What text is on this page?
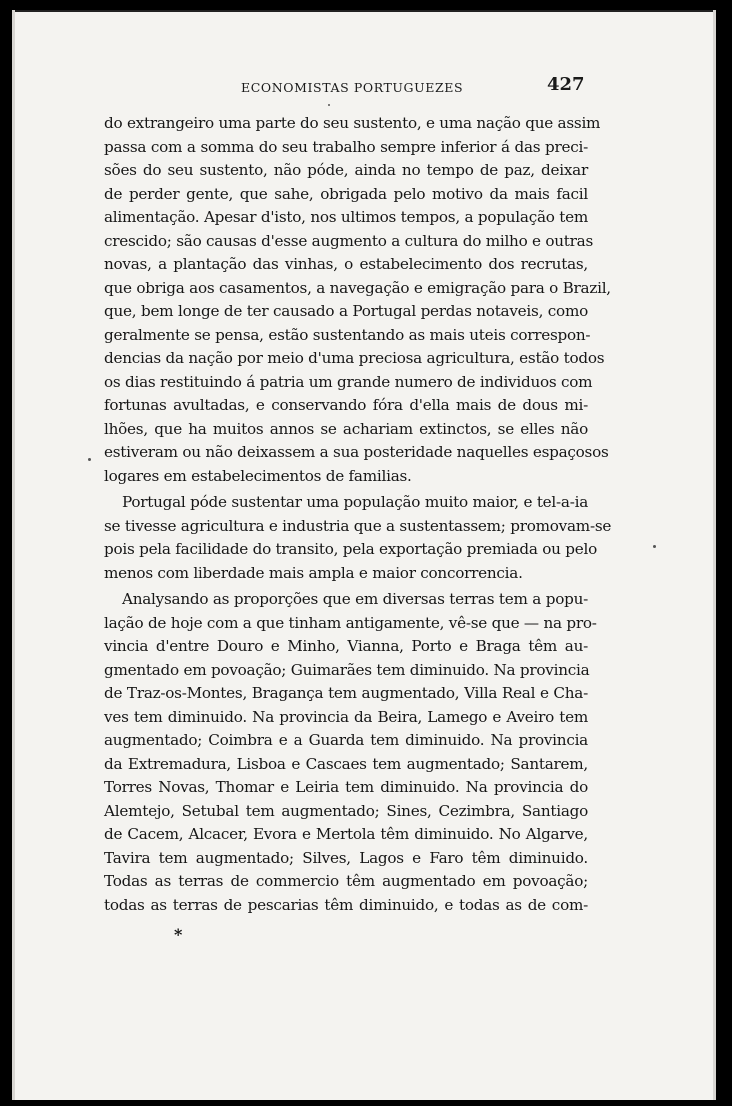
ECONOMISTAS PORTUGUEZES	427
do extrangeiro uma parte do seu sustento, e uma nação que assim
passa com a somma do seu trabalho sempre inferior á das preci-
sões do seu sustento, não póde, ainda no tempo de paz, deixar
de perder gente, que sahe, obrigada pelo motivo da mais facil
alimentação. Apesar d'isto, nos ultimos tempos, a população tem
crescido; são causas d'esse augmento a cultura do milho e outras
novas, a plantação das vinhas, o estabelecimento dos recrutas,
que obriga aos casamentos, a navegação e emigração para o Brazil,
que, bem longe de ter causado a Portugal perdas notaveis, como
geralmente se pensa, estão sustentando as mais uteis correspon-
dencias da nação por meio d'uma preciosa agricultura, estão todos
os dias restituindo á patria um grande numero de individuos com
fortunas avultadas, e conservando fóra d'ella mais de dous mi-
lhões, que ha muitos annos se achariam extinctos, se elles não
estiveram ou não deixassem a sua posteridade naquelles espaçosos
logares em estabelecimentos de familias.
Portugal póde sustentar uma população muito maior, e tel-a-ia
se tivesse agricultura e industria que a sustentassem; promovam-se
pois pela facilidade do transito, pela exportação premiada ou pelo
menos com liberdade mais ampla e maior concorrencia.
Analysando as proporções que em diversas terras tem a popu-
lação de hoje com a que tinham antigamente, vê-se que — na pro-
vincia d'entre Douro e Minho, Vianna, Porto e Braga têm au-
gmentado em povoação; Guimarães tem diminuido. Na provincia
de Traz-os-Montes, Bragança tem augmentado, Villa Real e Cha-
ves tem diminuido. Na provincia da Beira, Lamego e Aveiro tem
augmentado; Coimbra e a Guarda tem diminuido. Na provincia
da Extremadura, Lisboa e Cascaes tem augmentado; Santarem,
Torres Novas, Thomar e Leiria tem diminuido. Na provincia do
Alemtejo, Setubal tem augmentado; Sines, Cezimbra, Santiago
de Cacem, Alcacer, Evora e Mertola têm diminuido. No Algarve,
Tavira tem augmentado; Silves, Lagos e Faro têm diminuido.
Todas as terras de commercio têm augmentado em povoação;
todas as terras de pescarias têm diminuido, e todas as de com-
*
